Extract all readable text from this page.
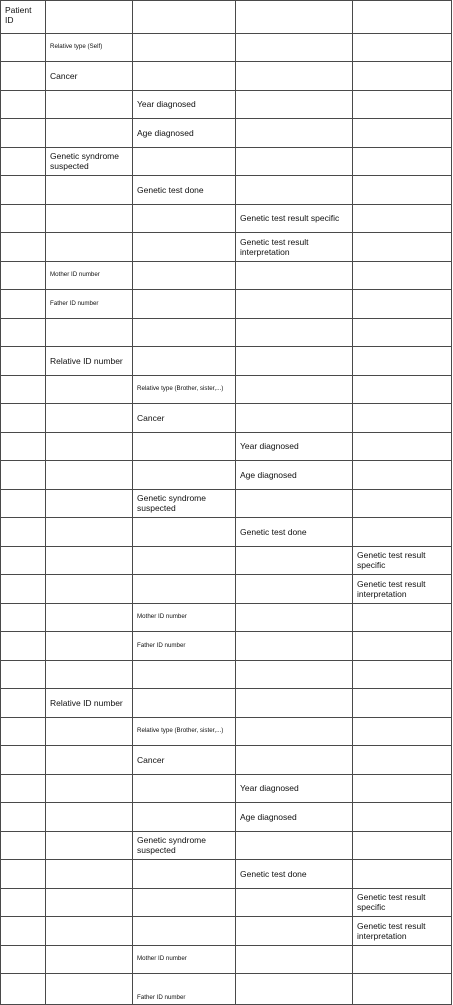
Patient ID				
	Relative type (Self)			
	Cancer			
		Year diagnosed		
		Age diagnosed		
	Genetic syndrome suspected			
		Genetic test done		
			Genetic test result specific	
			Genetic test result interpretation	
	Mother ID number			
	Father ID number			

	Relative ID number			
		Relative type (Brother, sister,...)		
		Cancer		
			Year diagnosed	
			Age diagnosed	
		Genetic syndrome suspected		
			Genetic test done	
				Genetic test result specific
				Genetic test result interpretation
		Mother ID number		
		Father ID number		

	Relative ID number			
		Relative type (Brother, sister,...)		
		Cancer		
			Year diagnosed	
			Age diagnosed	
		Genetic syndrome suspected		
			Genetic test done	
				Genetic test result specific
				Genetic test result interpretation
		Mother ID number		
		Father ID number		
